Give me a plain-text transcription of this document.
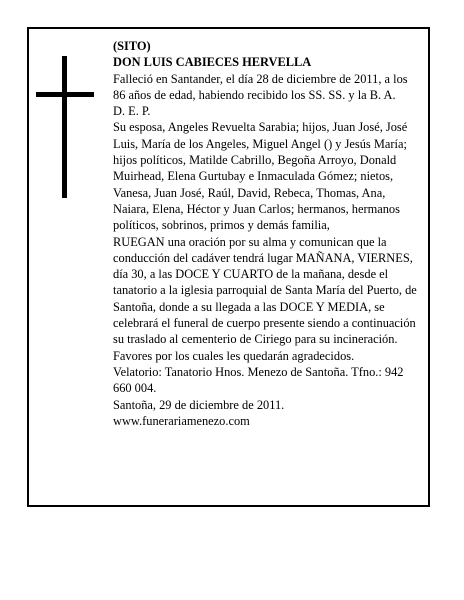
(SITO)

DON LUIS CABIECES HERVELLA

Falleció en Santander, el día 28 de diciembre de 2011, a los 86 años de edad, habiendo recibido los SS. SS. y la B. A.

D. E. P.

Su esposa, Angeles Revuelta Sarabia; hijos, Juan José, José Luis, María de los Angeles, Miguel Angel () y Jesús María; hijos políticos, Matilde Cabrillo, Begoña Arroyo, Donald Muirhead, Elena Gurtubay e Inmaculada Gómez; nietos, Vanesa, Juan José, Raúl, David, Rebeca, Thomas, Ana, Naiara, Elena, Héctor y Juan Carlos; hermanos, hermanos políticos, sobrinos, primos y demás familia,

RUEGAN una oración por su alma y comunican que la conducción del cadáver tendrá lugar MAÑANA, VIERNES, día 30, a las DOCE Y CUARTO de la mañana, desde el tanatorio a la iglesia parroquial de Santa María del Puerto, de Santoña, donde a su llegada a las DOCE Y MEDIA, se celebrará el funeral de cuerpo presente siendo a continuación su traslado al cementerio de Ciriego para su incineración. Favores por los cuales les quedarán agradecidos.

Velatorio: Tanatorio Hnos. Menezo de Santoña. Tfno.: 942 660 004.

Santoña, 29 de diciembre de 2011.

www.funerariamenezo.com
